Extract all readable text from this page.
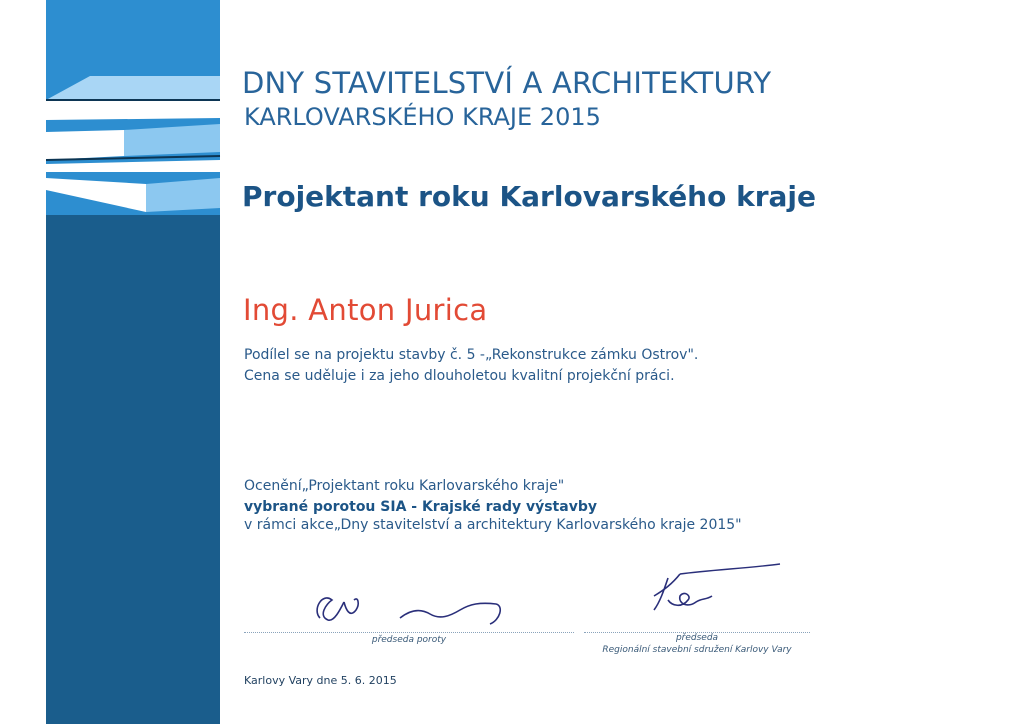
DNY STAVITELSTVÍ A ARCHITEKTURY
KARLOVARSKÉHO KRAJE 2015
Projektant roku Karlovarského kraje
Ing. Anton Jurica
Podílel se na projektu stavby č. 5 -„Rekonstrukce zámku Ostrov".
Cena se uděluje i za jeho dlouholetou kvalitní projekční práci.
Ocenění„Projektant roku Karlovarského kraje"
vybrané porotou SIA - Krajské rady výstavby
v rámci akce„Dny stavitelství a architektury Karlovarského kraje 2015"
předseda poroty	předseda
Regionální stavební sdružení Karlovy Vary
Karlovy Vary dne 5. 6. 2015
